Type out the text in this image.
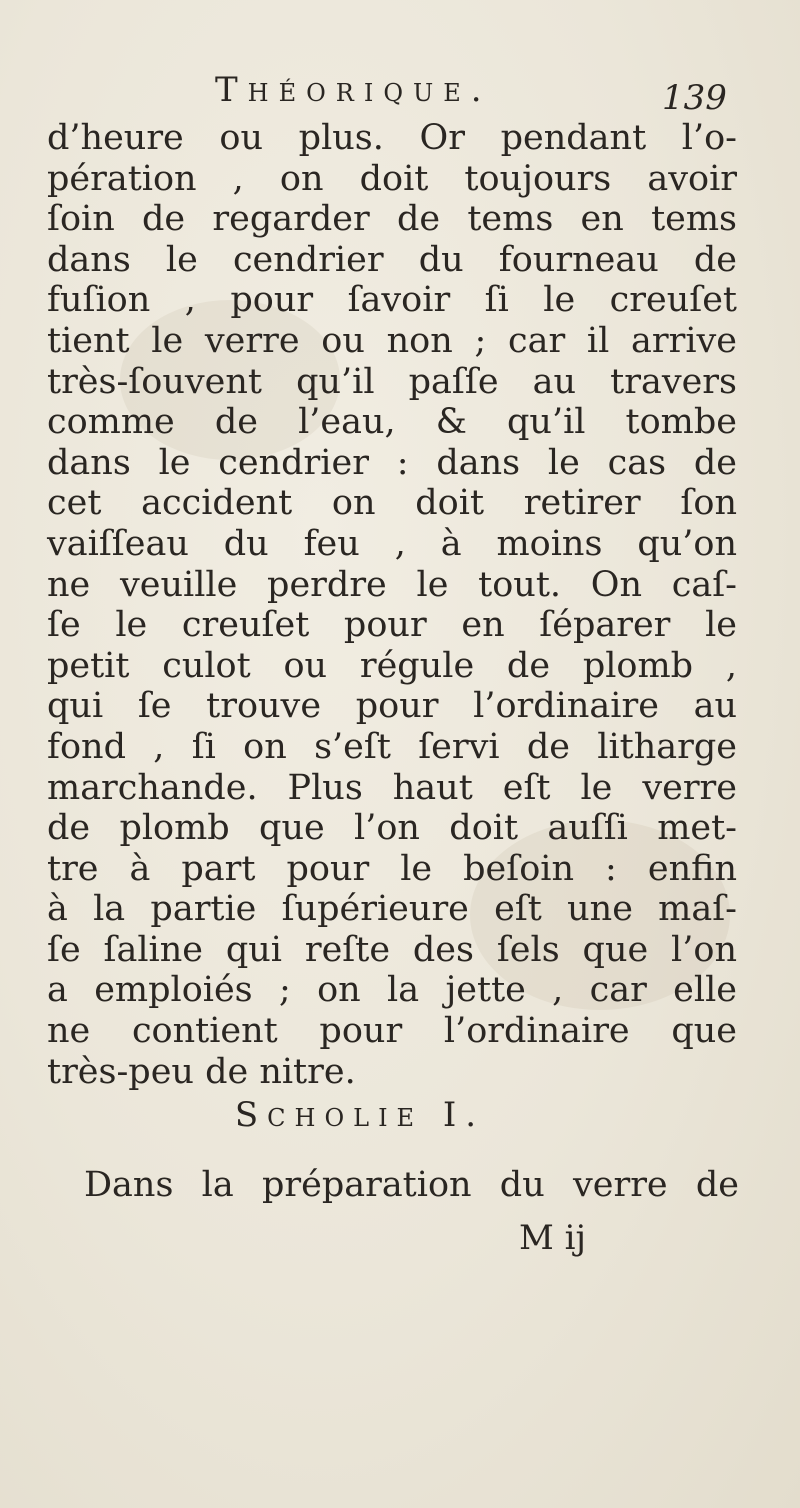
Théorique.	139
d’heure ou plus. Or pendant l’o-
pération , on doit toujours avoir
ſoin de regarder de tems en tems
dans le cendrier du fourneau de
fuſion , pour ſavoir ſi le creuſet
tient le verre ou non ; car il arrive
très-ſouvent qu’il paſſe au travers
comme de l’eau, & qu’il tombe
dans le cendrier : dans le cas de
cet accident on doit retirer ſon
vaiſſeau du feu , à moins qu’on
ne veuille perdre le tout. On caſ-
ſe le creuſet pour en ſéparer le
petit culot ou régule de plomb ,
qui ſe trouve pour l’ordinaire au
fond , ſi on s’eſt ſervi de litharge
marchande. Plus haut eſt le verre
de plomb que l’on doit auſſi met-
tre à part pour le beſoin : enfin
à la partie ſupérieure eſt une maſ-
ſe ſaline qui reſte des ſels que l’on
a emploiés ; on la jette , car elle
ne contient pour l’ordinaire que
très-peu de nitre.
Scholie I.
Dans la préparation du verre de
M ij
